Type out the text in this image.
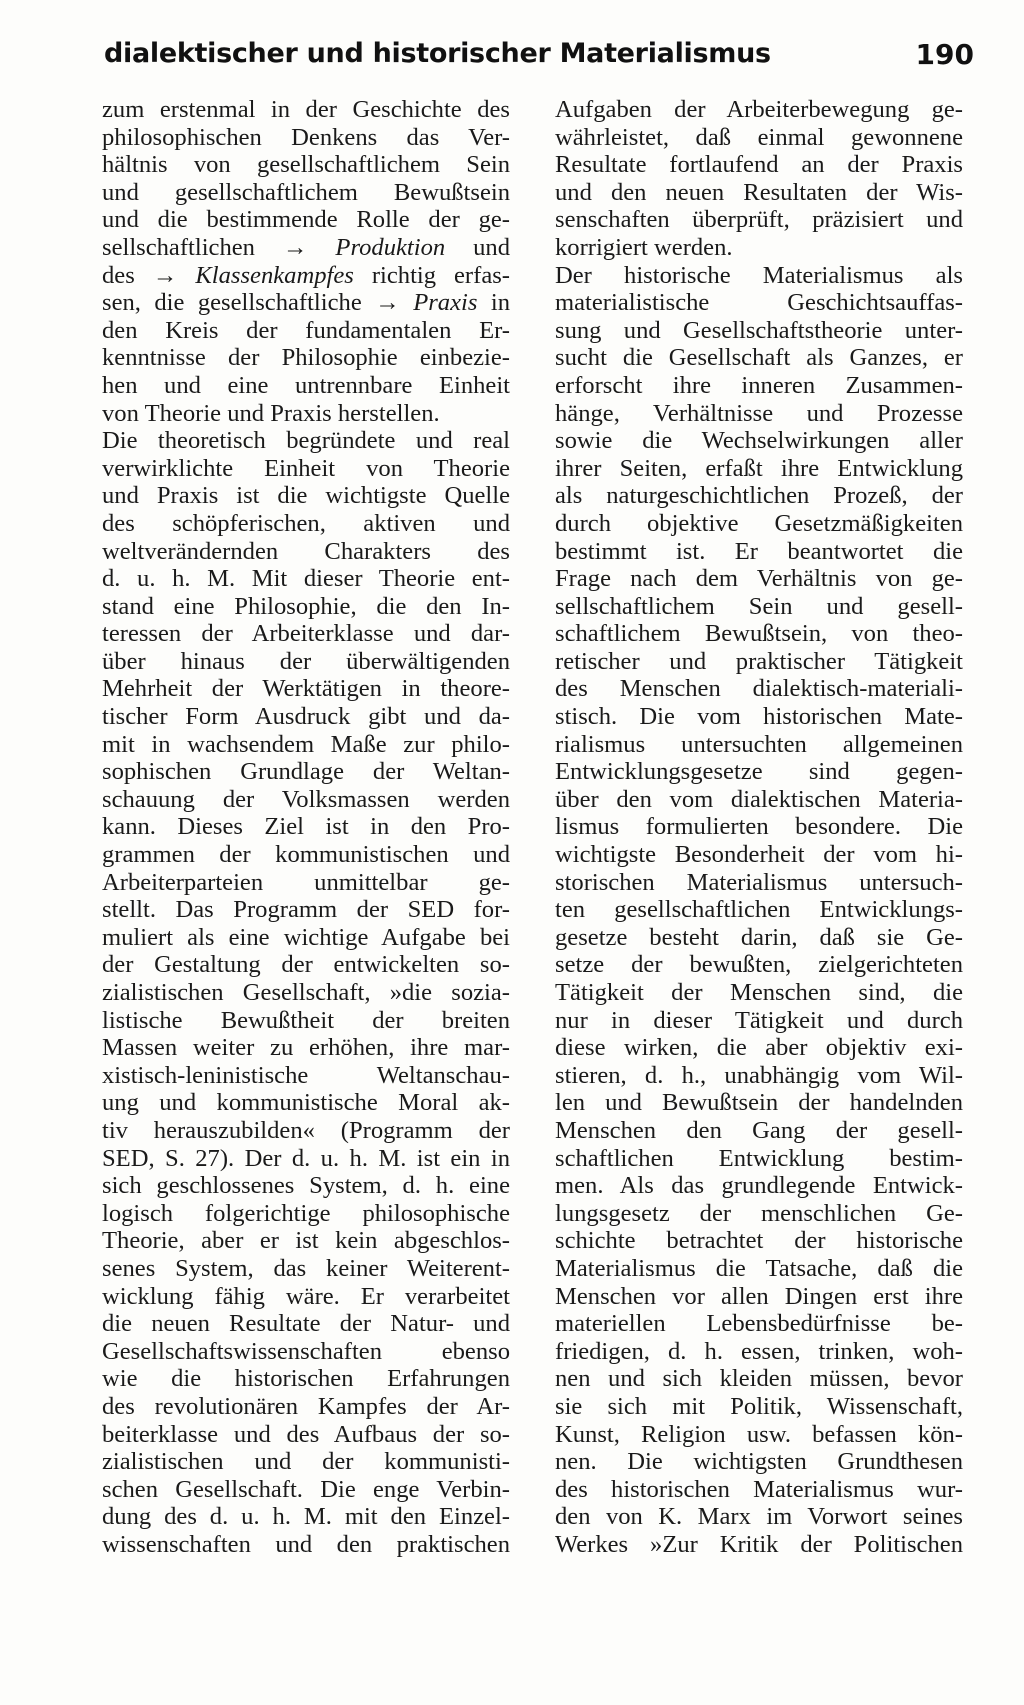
dialektischer und historischer Materialismus	190
zum erstenmal in der Geschichte des
philosophischen Denkens das Ver-
hältnis von gesellschaftlichem Sein
und gesellschaftlichem Bewußtsein
und die bestimmende Rolle der ge-
sellschaftlichen → Produktion und
des → Klassenkampfes richtig erfas-
sen, die gesellschaftliche → Praxis in
den Kreis der fundamentalen Er-
kenntnisse der Philosophie einbezie-
hen und eine untrennbare Einheit
von Theorie und Praxis herstellen.
Die theoretisch begründete und real
verwirklichte Einheit von Theorie
und Praxis ist die wichtigste Quelle
des schöpferischen, aktiven und
weltverändernden Charakters des
d. u. h. M. Mit dieser Theorie ent-
stand eine Philosophie, die den In-
teressen der Arbeiterklasse und dar-
über hinaus der überwältigenden
Mehrheit der Werktätigen in theore-
tischer Form Ausdruck gibt und da-
mit in wachsendem Maße zur philo-
sophischen Grundlage der Weltan-
schauung der Volksmassen werden
kann. Dieses Ziel ist in den Pro-
grammen der kommunistischen und
Arbeiterparteien unmittelbar ge-
stellt. Das Programm der SED for-
muliert als eine wichtige Aufgabe bei
der Gestaltung der entwickelten so-
zialistischen Gesellschaft, »die sozia-
listische Bewußtheit der breiten
Massen weiter zu erhöhen, ihre mar-
xistisch-leninistische Weltanschau-
ung und kommunistische Moral ak-
tiv herauszubilden« (Programm der
SED, S. 27). Der d. u. h. M. ist ein in
sich geschlossenes System, d. h. eine
logisch folgerichtige philosophische
Theorie, aber er ist kein abgeschlos-
senes System, das keiner Weiterent-
wicklung fähig wäre. Er verarbeitet
die neuen Resultate der Natur- und
Gesellschaftswissenschaften ebenso
wie die historischen Erfahrungen
des revolutionären Kampfes der Ar-
beiterklasse und des Aufbaus der so-
zialistischen und der kommunisti-
schen Gesellschaft. Die enge Verbin-
dung des d. u. h. M. mit den Einzel-
wissenschaften und den praktischen
Aufgaben der Arbeiterbewegung ge-
währleistet, daß einmal gewonnene
Resultate fortlaufend an der Praxis
und den neuen Resultaten der Wis-
senschaften überprüft, präzisiert und
korrigiert werden.
Der historische Materialismus als
materialistische Geschichtsauffas-
sung und Gesellschaftstheorie unter-
sucht die Gesellschaft als Ganzes, er
erforscht ihre inneren Zusammen-
hänge, Verhältnisse und Prozesse
sowie die Wechselwirkungen aller
ihrer Seiten, erfaßt ihre Entwicklung
als naturgeschichtlichen Prozeß, der
durch objektive Gesetzmäßigkeiten
bestimmt ist. Er beantwortet die
Frage nach dem Verhältnis von ge-
sellschaftlichem Sein und gesell-
schaftlichem Bewußtsein, von theo-
retischer und praktischer Tätigkeit
des Menschen dialektisch-materiali-
stisch. Die vom historischen Mate-
rialismus untersuchten allgemeinen
Entwicklungsgesetze sind gegen-
über den vom dialektischen Materia-
lismus formulierten besondere. Die
wichtigste Besonderheit der vom hi-
storischen Materialismus untersuch-
ten gesellschaftlichen Entwicklungs-
gesetze besteht darin, daß sie Ge-
setze der bewußten, zielgerichteten
Tätigkeit der Menschen sind, die
nur in dieser Tätigkeit und durch
diese wirken, die aber objektiv exi-
stieren, d. h., unabhängig vom Wil-
len und Bewußtsein der handelnden
Menschen den Gang der gesell-
schaftlichen Entwicklung bestim-
men. Als das grundlegende Entwick-
lungsgesetz der menschlichen Ge-
schichte betrachtet der historische
Materialismus die Tatsache, daß die
Menschen vor allen Dingen erst ihre
materiellen Lebensbedürfnisse be-
friedigen, d. h. essen, trinken, woh-
nen und sich kleiden müssen, bevor
sie sich mit Politik, Wissenschaft,
Kunst, Religion usw. befassen kön-
nen. Die wichtigsten Grundthesen
des historischen Materialismus wur-
den von K. Marx im Vorwort seines
Werkes »Zur Kritik der Politischen
